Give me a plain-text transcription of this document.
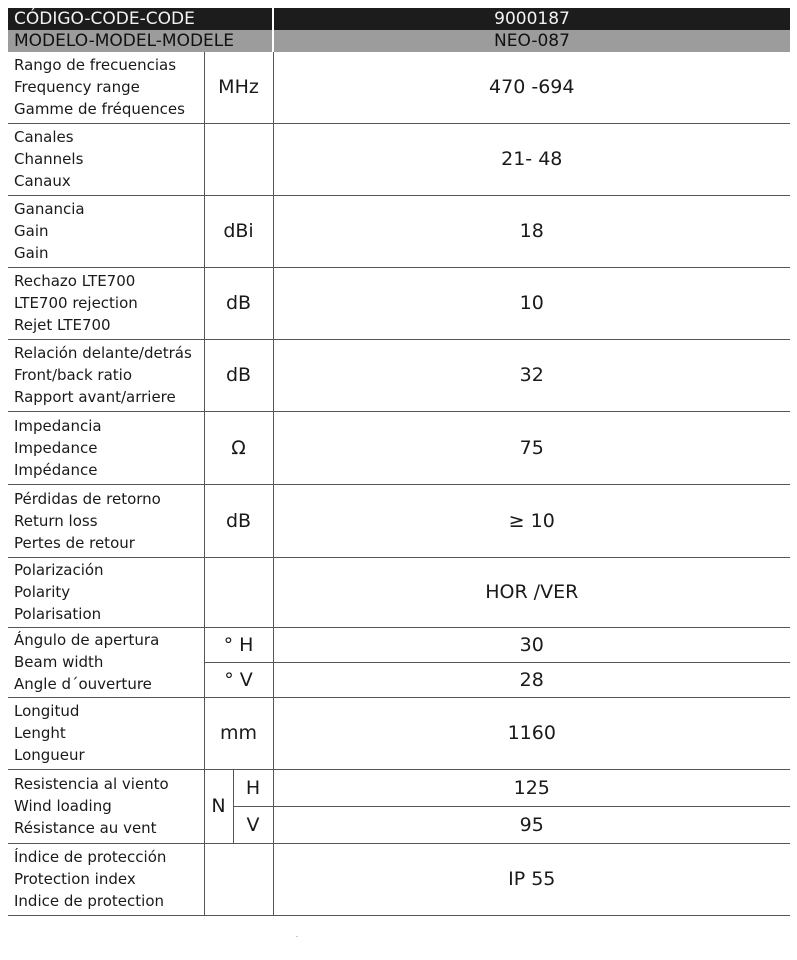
CÓDIGO-CODE-CODE			9000187
MODELO-MODEL-MODELE			NEO-087

Rango de frecuencias
Frequency range
Gamme de fréquences	MHz		470 -694

Canales
Channels
Canaux			21- 48

Ganancia
Gain
Gain	dBi		18

Rechazo LTE700
LTE700 rejection
Rejet LTE700	dB		10

Relación delante/detrás
Front/back ratio
Rapport avant/arriere	dB		32

Impedancia
Impedance
Impédance	Ω		75

Pérdidas de retorno
Return loss
Pertes de retour	dB		≥ 10

Polarización
Polarity
Polarisation			HOR /VER

Ángulo de apertura
Beam width
Angle d´ouverture	° H		30
	° V		28

Longitud
Lenght
Longueur	mm		1160

Resistencia al viento
Wind loading
Résistance au vent	N	H	125
		V	95

Índice de protección
Protection index
Indice de protection			IP 55
